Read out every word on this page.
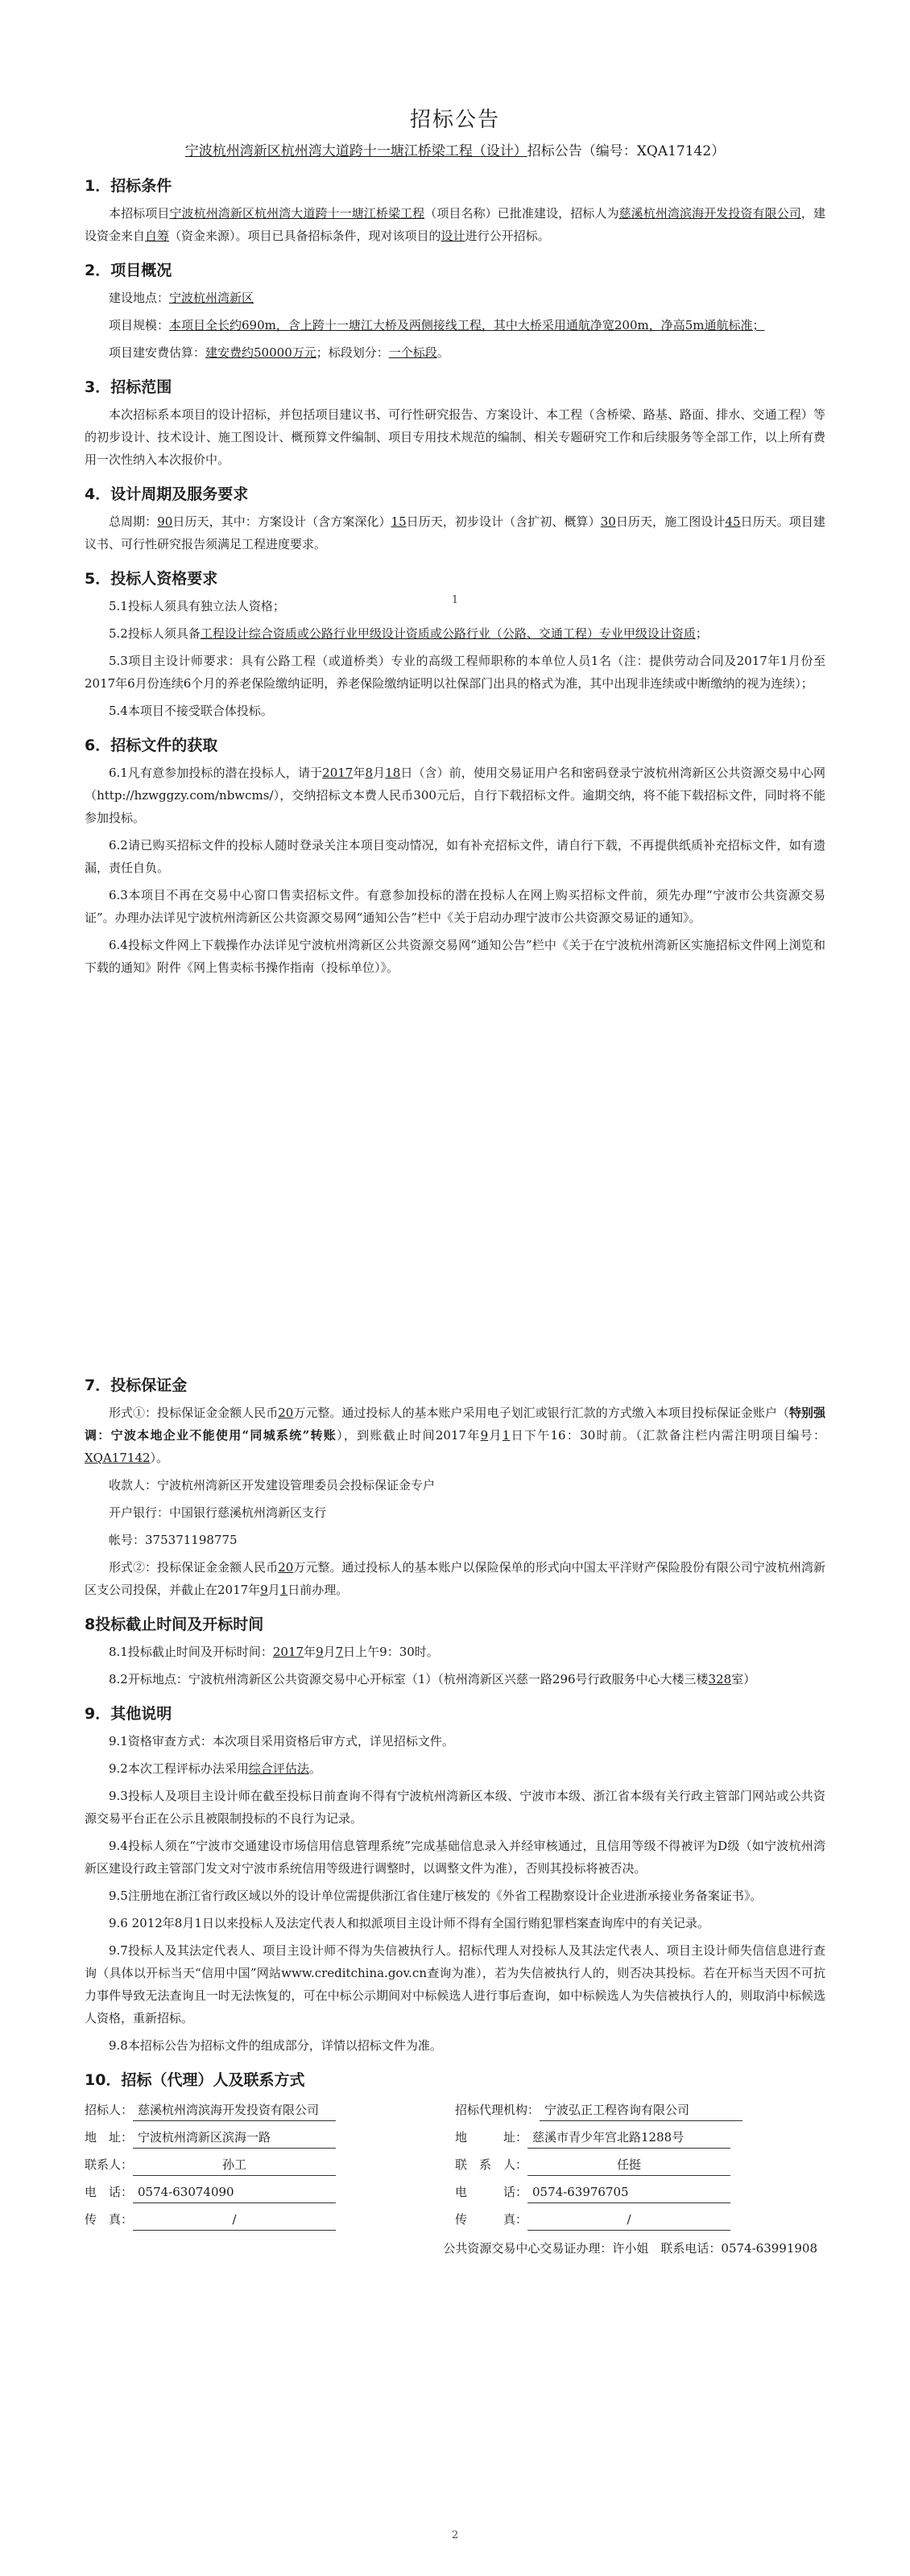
招标公告
宁波杭州湾新区杭州湾大道跨十一塘江桥梁工程（设计）招标公告（编号：XQA17142）
1．招标条件

本招标项目宁波杭州湾新区杭州湾大道跨十一塘江桥梁工程（项目名称）已批准建设，招标人为慈溪杭州湾滨海开发投资有限公司，建设资金来自自筹（资金来源）。项目已具备招标条件，现对该项目的设计进行公开招标。

2．项目概况

建设地点：宁波杭州湾新区

项目规模：本项目全长约690m，含上跨十一塘江大桥及两侧接线工程，其中大桥采用通航净宽200m，净高5m通航标准；

项目建安费估算：建安费约50000万元；标段划分：一个标段。

3．招标范围

本次招标系本项目的设计招标，并包括项目建议书、可行性研究报告、方案设计、本工程（含桥梁、路基、路面、排水、交通工程）等的初步设计、技术设计、施工图设计、概预算文件编制、项目专用技术规范的编制、相关专题研究工作和后续服务等全部工作，以上所有费用一次性纳入本次报价中。

4．设计周期及服务要求

总周期：90日历天，其中：方案设计（含方案深化）15日历天，初步设计（含扩初、概算）30日历天，施工图设计45日历天。项目建议书、可行性研究报告须满足工程进度要求。

5．投标人资格要求

5.1投标人须具有独立法人资格；

5.2投标人须具备工程设计综合资质或公路行业甲级设计资质或公路行业（公路、交通工程）专业甲级设计资质；

5.3项目主设计师要求：具有公路工程（或道桥类）专业的高级工程师职称的本单位人员1名（注：提供劳动合同及2017年1月份至2017年6月份连续6个月的养老保险缴纳证明，养老保险缴纳证明以社保部门出具的格式为准，其中出现非连续或中断缴纳的视为连续）；

5.4本项目不接受联合体投标。

6．招标文件的获取

6.1凡有意参加投标的潜在投标人，请于2017年8月18日（含）前，使用交易证用户名和密码登录宁波杭州湾新区公共资源交易中心网（http://hzwggzy.com/nbwcms/），交纳招标文本费人民币300元后，自行下载招标文件。逾期交纳，将不能下载招标文件，同时将不能参加投标。

6.2请已购买招标文件的投标人随时登录关注本项目变动情况，如有补充招标文件，请自行下载，不再提供纸质补充招标文件，如有遗漏，责任自负。

6.3本项目不再在交易中心窗口售卖招标文件。有意参加投标的潜在投标人在网上购买招标文件前，须先办理“宁波市公共资源交易证”。办理办法详见宁波杭州湾新区公共资源交易网“通知公告”栏中《关于启动办理宁波市公共资源交易证的通知》。

6.4投标文件网上下载操作办法详见宁波杭州湾新区公共资源交易网“通知公告”栏中《关于在宁波杭州湾新区实施招标文件网上浏览和下载的通知》附件《网上售卖标书操作指南（投标单位）》。

1
7．投标保证金

形式①：投标保证金金额人民币20万元整。通过投标人的基本账户采用电子划汇或银行汇款的方式缴入本项目投标保证金账户（特别强调：宁波本地企业不能使用“同城系统”转账），到账截止时间2017年9月1日下午16：30时前。（汇款备注栏内需注明项目编号：XQA17142）。

收款人：宁波杭州湾新区开发建设管理委员会投标保证金专户

开户银行：中国银行慈溪杭州湾新区支行

帐号：375371198775

形式②：投标保证金金额人民币20万元整。通过投标人的基本账户以保险保单的形式向中国太平洋财产保险股份有限公司宁波杭州湾新区支公司投保，并截止在2017年9月1日前办理。

8投标截止时间及开标时间

8.1投标截止时间及开标时间：2017年9月7日上午9：30时。

8.2开标地点：宁波杭州湾新区公共资源交易中心开标室（1）（杭州湾新区兴慈一路296号行政服务中心大楼三楼328室）

9．其他说明

9.1资格审查方式：本次项目采用资格后审方式，详见招标文件。

9.2本次工程评标办法采用综合评估法。

9.3投标人及项目主设计师在截至投标日前查询不得有宁波杭州湾新区本级、宁波市本级、浙江省本级有关行政主管部门网站或公共资源交易平台正在公示且被限制投标的不良行为记录。

9.4投标人须在“宁波市交通建设市场信用信息管理系统”完成基础信息录入并经审核通过，且信用等级不得被评为D级（如宁波杭州湾新区建设行政主管部门发文对宁波市系统信用等级进行调整时，以调整文件为准），否则其投标将被否决。

9.5注册地在浙江省行政区域以外的设计单位需提供浙江省住建厅核发的《外省工程勘察设计企业进浙承接业务备案证书》。

9.6 2012年8月1日以来投标人及法定代表人和拟派项目主设计师不得有全国行贿犯罪档案查询库中的有关记录。

9.7投标人及其法定代表人、项目主设计师不得为失信被执行人。招标代理人对投标人及其法定代表人、项目主设计师失信信息进行查询（具体以开标当天“信用中国”网站www.creditchina.gov.cn查询为准），若为失信被执行人的，则否决其投标。若在开标当天因不可抗力事件导致无法查询且一时无法恢复的，可在中标公示期间对中标候选人进行事后查询，如中标候选人为失信被执行人的，则取消中标候选人资格，重新招标。

9.8本招标公告为招标文件的组成部分，详情以招标文件为准。

10．招标（代理）人及联系方式
招标人： 慈溪杭州湾滨海开发投资有限公司	招标代理机构： 宁波弘正工程咨询有限公司
地　址： 宁波杭州湾新区滨海一路	地　　　址： 慈溪市青少年宫北路1288号
联系人：	孙工	联　系　人：	任挺
电　话： 0574-63074090	电　　　话： 0574-63976705
传　真：	/	传　　　真：	/
公共资源交易中心交易证办理：许小姐　联系电话：0574-63991908
2
